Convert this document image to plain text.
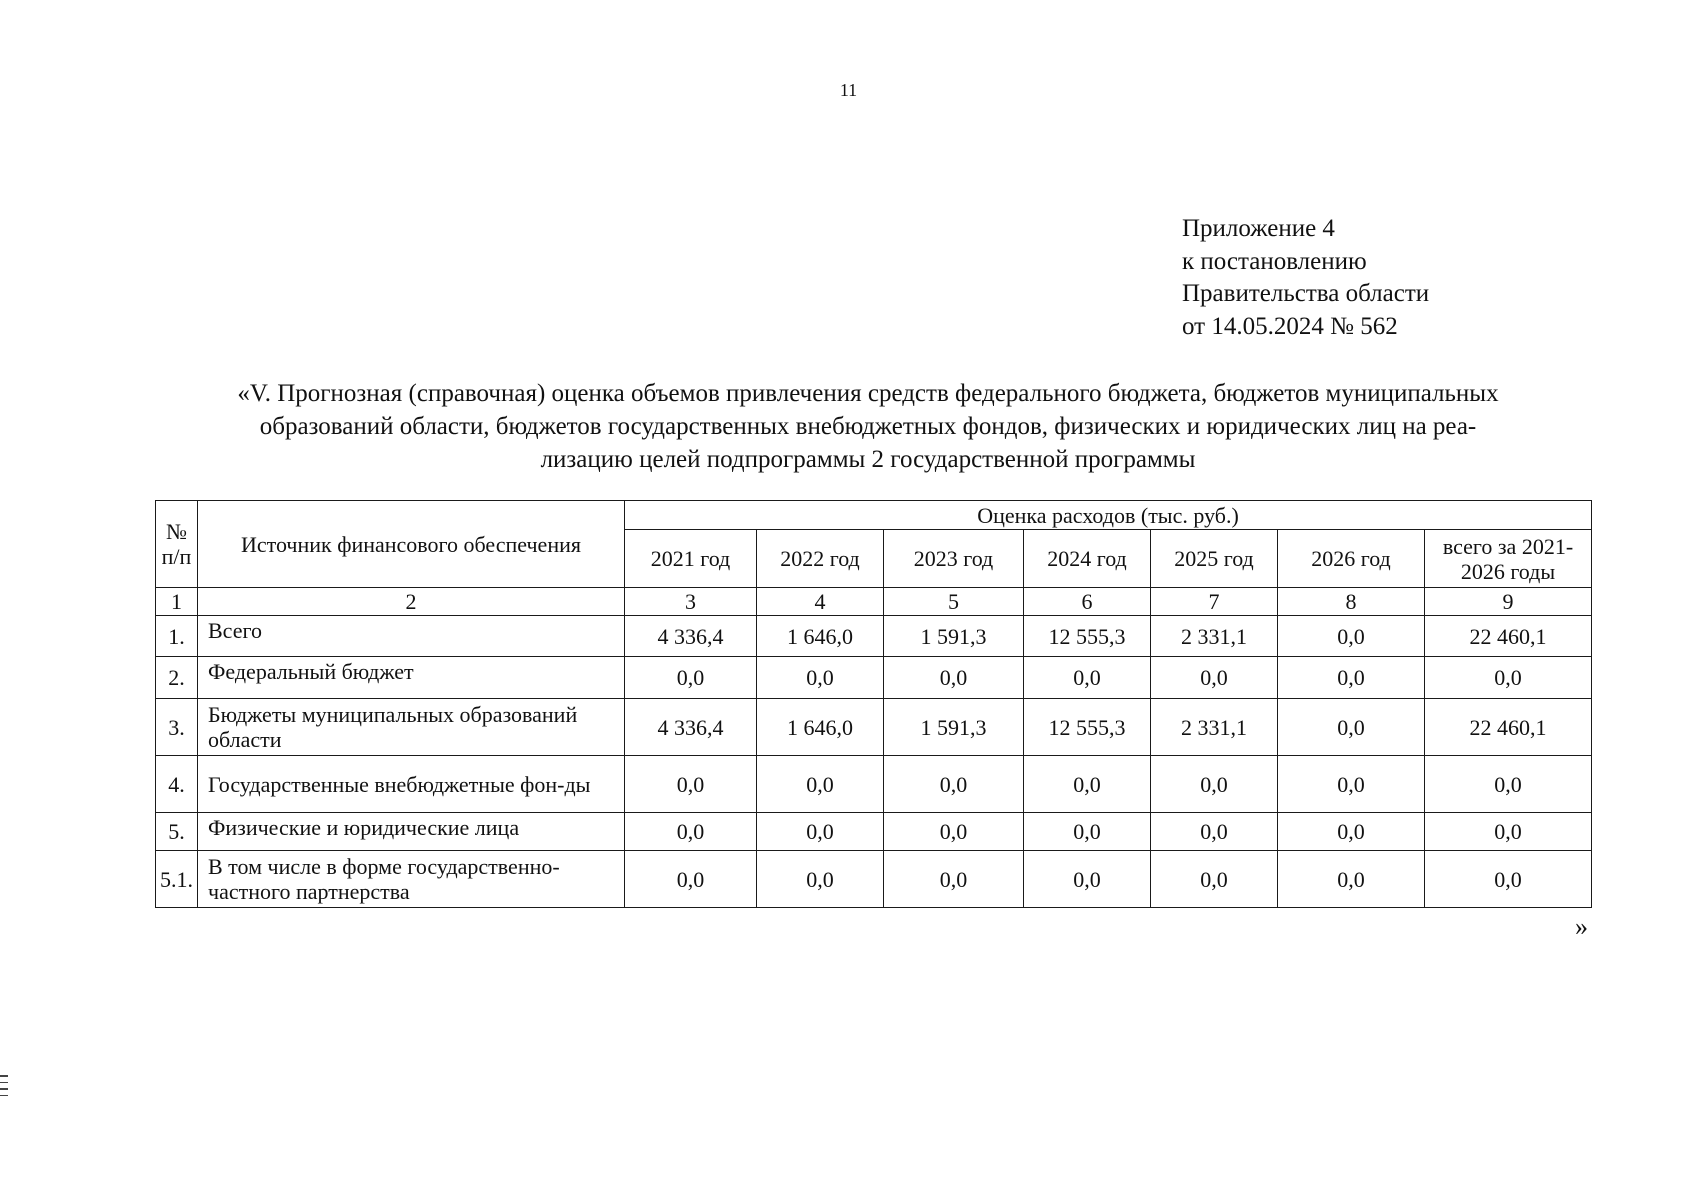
11
Приложение 4
к постановлению
Правительства области
от 14.05.2024 № 562
«V. Прогнозная (справочная) оценка объемов привлечения средств федерального бюджета, бюджетов муниципальных
образований области, бюджетов государственных внебюджетных фондов, физических и юридических лиц на реа-
лизацию целей подпрограммы 2 государственной программы
№ п/п	Источник финансового обеспечения	Оценка расходов (тыс. руб.)						
		2021 год	2022 год	2023 год	2024 год	2025 год	2026 год	всего за 2021-2026 годы
1	2	3	4	5	6	7	8	9
1.	Всего	4 336,4	1 646,0	1 591,3	12 555,3	2 331,1	0,0	22 460,1
2.	Федеральный бюджет	0,0	0,0	0,0	0,0	0,0	0,0	0,0
3.	Бюджеты муниципальных образований области	4 336,4	1 646,0	1 591,3	12 555,3	2 331,1	0,0	22 460,1
4.	Государственные внебюджетные фон-ды	0,0	0,0	0,0	0,0	0,0	0,0	0,0
5.	Физические и юридические лица	0,0	0,0	0,0	0,0	0,0	0,0	0,0
5.1.	В том числе в форме государственно-частного партнерства	0,0	0,0	0,0	0,0	0,0	0,0	0,0
»
